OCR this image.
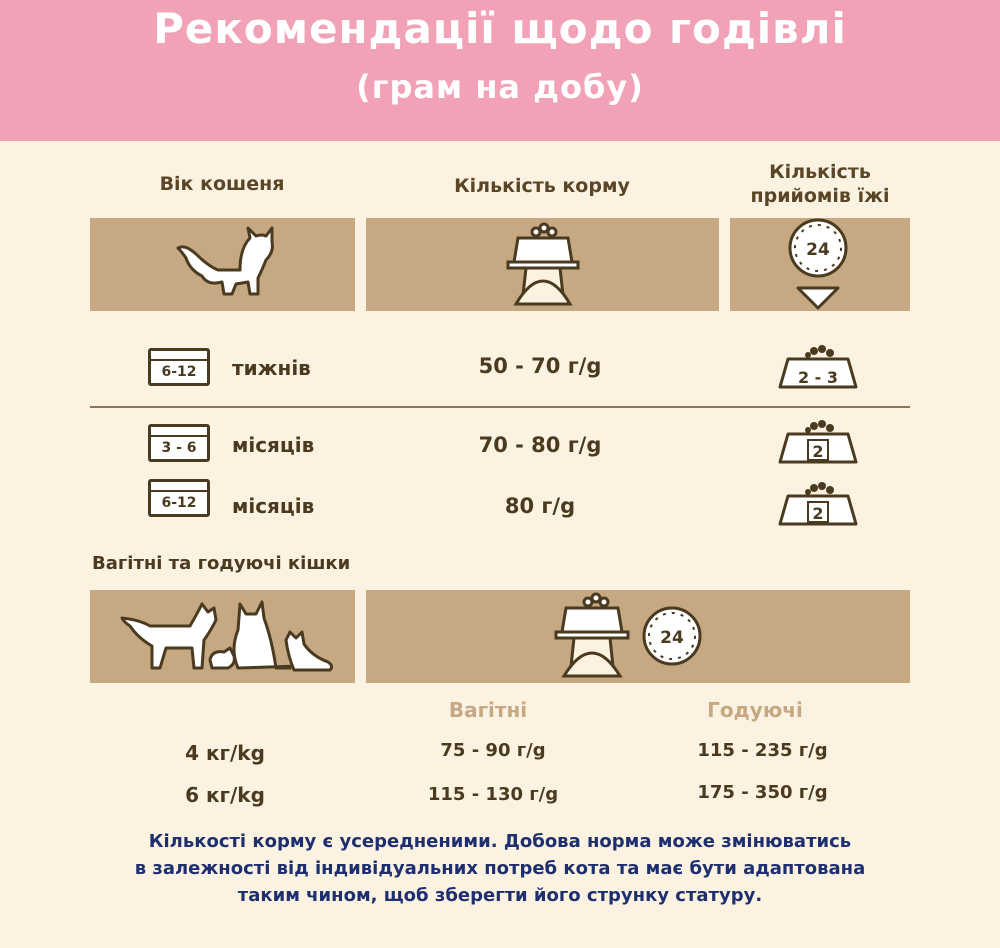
Рекомендації щодо годівлі
(грам на добу)
Вік кошеня	Кількість корму
Кількість
прийомів їжі
24
6-12	тижнів	50 - 70 г/g	2 - 3
3 - 6	місяців	70 - 80 г/g	2
6-12	місяців	80 г/g	2
Вагітні та годуючі кішки
24
Вагітні	Годуючі
4 кг/kg	75 - 90 г/g	115 - 235 г/g
6 кг/kg	115 - 130 г/g	175 - 350 г/g
Кількості корму є усередненими. Добова норма може змінюватись
в залежності від індивідуальних потреб кота та має бути адаптована
таким чином, щоб зберегти його струнку статуру.
